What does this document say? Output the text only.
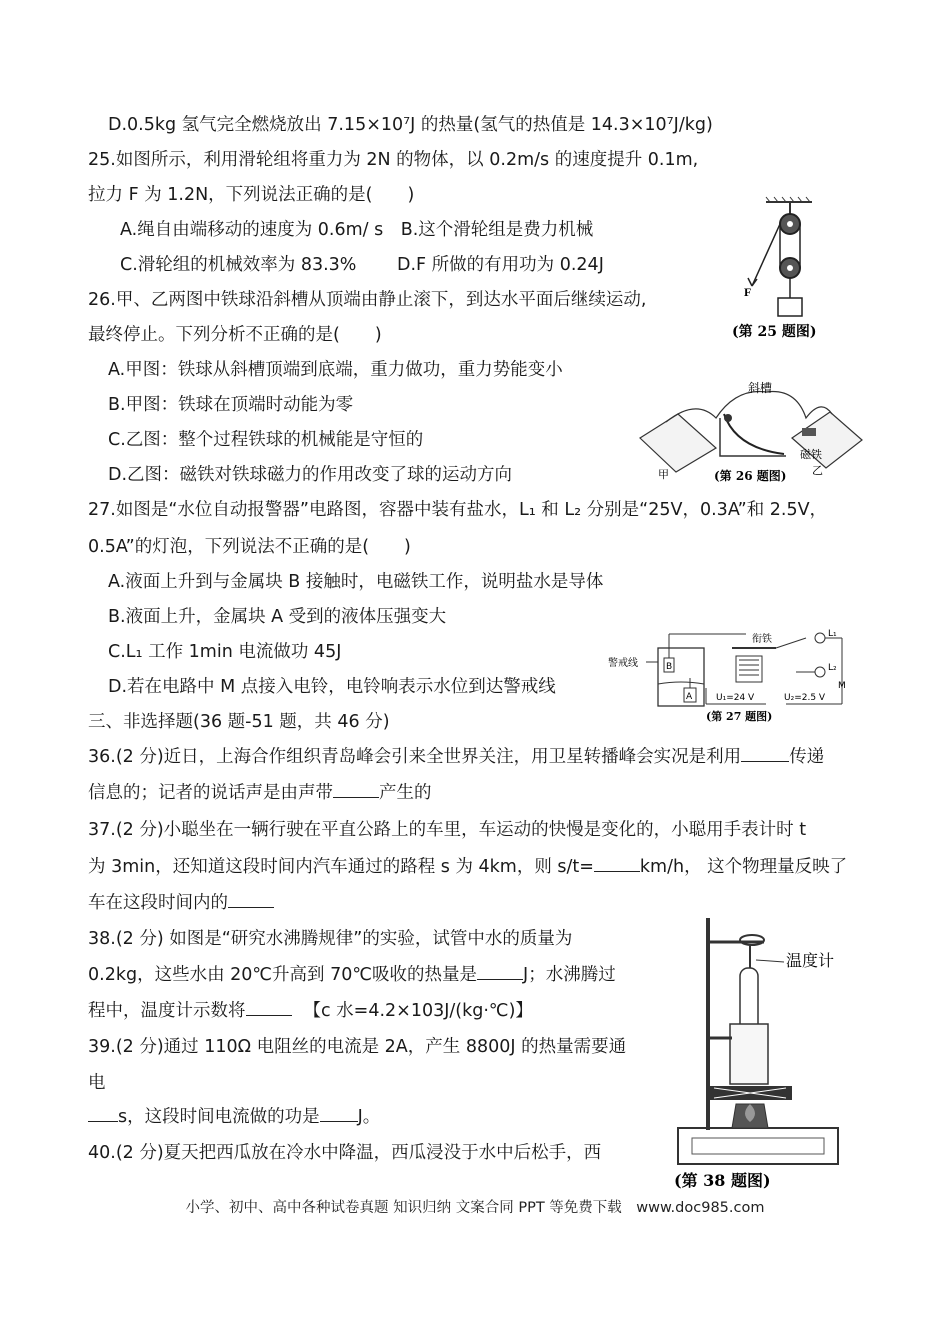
D.0.5kg 氢气完全燃烧放出 7.15×10⁷J 的热量(氢气的热值是 14.3×10⁷J/kg)
25.如图所示，利用滑轮组将重力为 2N 的物体，以 0.2m/s 的速度提升 0.1m,
拉力 F 为 1.2N，下列说法正确的是(　　)
A.绳自由端移动的速度为 0.6m/ s　B.这个滑轮组是费力机械
C.滑轮组的机械效率为 83.3%　　 D.F 所做的有用功为 0.24J
26.甲、乙两图中铁球沿斜槽从顶端由静止滚下，到达水平面后继续运动,
最终停止。下列分析不正确的是(　　)
A.甲图：铁球从斜槽顶端到底端，重力做功，重力势能变小
B.甲图：铁球在顶端时动能为零
C.乙图：整个过程铁球的机械能是守恒的
D.乙图：磁铁对铁球磁力的作用改变了球的运动方向
27.如图是“水位自动报警器”电路图，容器中装有盐水，L₁ 和 L₂ 分别是“25V，0.3A”和 2.5V，
0.5A”的灯泡，下列说法不正确的是(　　)
A.液面上升到与金属块 B 接触时，电磁铁工作，说明盐水是导体
B.液面上升，金属块 A 受到的液体压强变大
C.L₁ 工作 1min 电流做功 45J
D.若在电路中 M 点接入电铃，电铃响表示水位到达警戒线
三、非选择题(36 题-51 题，共 46 分)
36.(2 分)近日，上海合作组织青岛峰会引来全世界关注，用卫星转播峰会实况是利用	传递
信息的；记者的说话声是由声带	产生的
37.(2 分)小聪坐在一辆行驶在平直公路上的车里，车运动的快慢是变化的，小聪用手表计时 t
为 3min，还知道这段时间内汽车通过的路程 s 为 4km，则 s/t=	km/h， 这个物理量反映了
车在这段时间内的
38.(2 分) 如图是“研究水沸腾规律”的实验，试管中水的质量为
0.2kg，这些水由 20℃升高到 70℃吸收的热量是	J；水沸腾过
程中，温度计示数将	【c 水=4.2×103J/(kg·℃)】
39.(2 分)通过 110Ω 电阻丝的电流是 2A，产生 8800J 的热量需要通
电
s，这段时间电流做的功是 J。
40.(2 分)夏天把西瓜放在冷水中降温，西瓜浸没于水中后松手，西
F
(第 25 题图)
斜槽
磁铁
甲	乙
(第 26 题图)
B
A
警戒线
衔铁	L₁
L₂
M
U₁=24 V	U₂=2.5 V
(第 27 题图)
温度计
(第 38 题图)
小学、初中、高中各种试卷真题 知识归纳 文案合同 PPT 等免费下载　www.doc985.com
